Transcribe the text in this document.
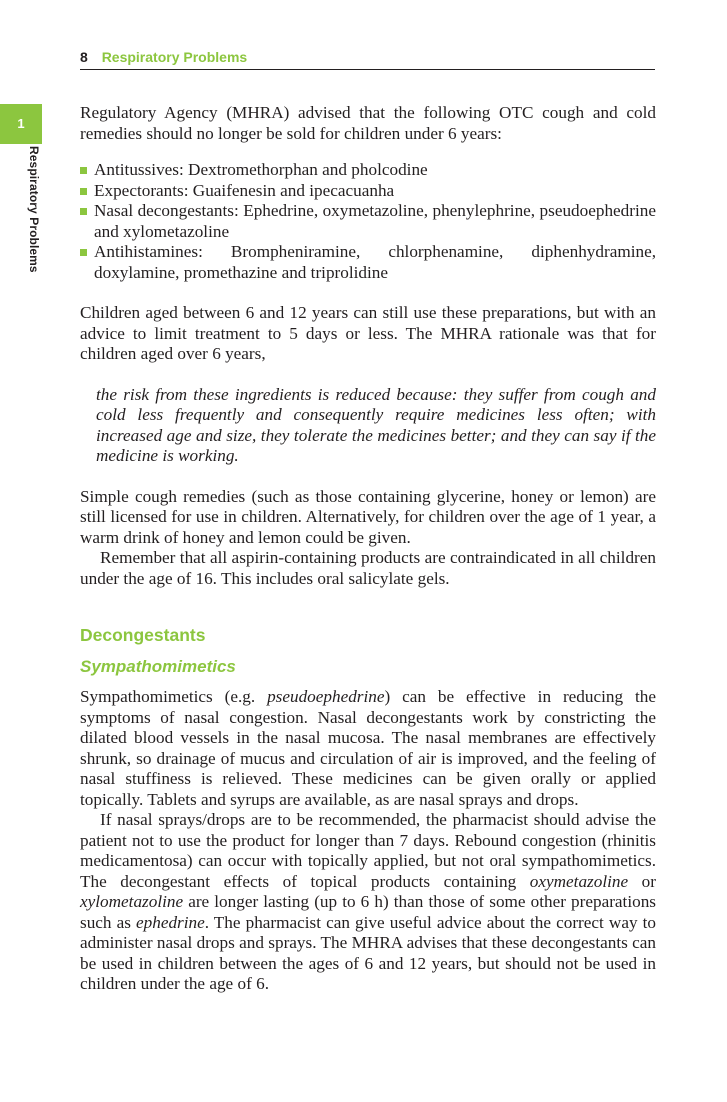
8 Respiratory Problems
1
Respiratory Problems

Regulatory Agency (MHRA) advised that the following OTC cough and cold remedies should no longer be sold for children under 6 years:

Antitussives: Dextromethorphan and pholcodine
Expectorants: Guaifenesin and ipecacuanha
Nasal decongestants: Ephedrine, oxymetazoline, phenylephrine, pseudoephedrine and xylometazoline
Antihistamines: Brompheniramine, chlorphenamine, diphenhydramine, doxylamine, promethazine and triprolidine

Children aged between 6 and 12 years can still use these preparations, but with an advice to limit treatment to 5 days or less. The MHRA rationale was that for children aged over 6 years,

the risk from these ingredients is reduced because: they suffer from cough and cold less frequently and consequently require medicines less often; with increased age and size, they tolerate the medicines better; and they can say if the medicine is working.

Simple cough remedies (such as those containing glycerine, honey or lemon) are still licensed for use in children. Alternatively, for children over the age of 1 year, a warm drink of honey and lemon could be given.

Remember that all aspirin-containing products are contraindicated in all children under the age of 16. This includes oral salicylate gels.

Decongestants
Sympathomimetics

Sympathomimetics (e.g. pseudoephedrine) can be effective in reducing the symptoms of nasal congestion. Nasal decongestants work by constricting the dilated blood vessels in the nasal mucosa. The nasal membranes are effectively shrunk, so drainage of mucus and circulation of air is improved, and the feeling of nasal stuffiness is relieved. These medicines can be given orally or applied topically. Tablets and syrups are available, as are nasal sprays and drops.

If nasal sprays/drops are to be recommended, the pharmacist should advise the patient not to use the product for longer than 7 days. Rebound congestion (rhinitis medicamentosa) can occur with topically applied, but not oral sympathomimetics. The decongestant effects of topical products containing oxymetazoline or xylometazoline are longer lasting (up to 6 h) than those of some other preparations such as ephedrine. The pharmacist can give useful advice about the correct way to administer nasal drops and sprays. The MHRA advises that these decongestants can be used in children between the ages of 6 and 12 years, but should not be used in children under the age of 6.
